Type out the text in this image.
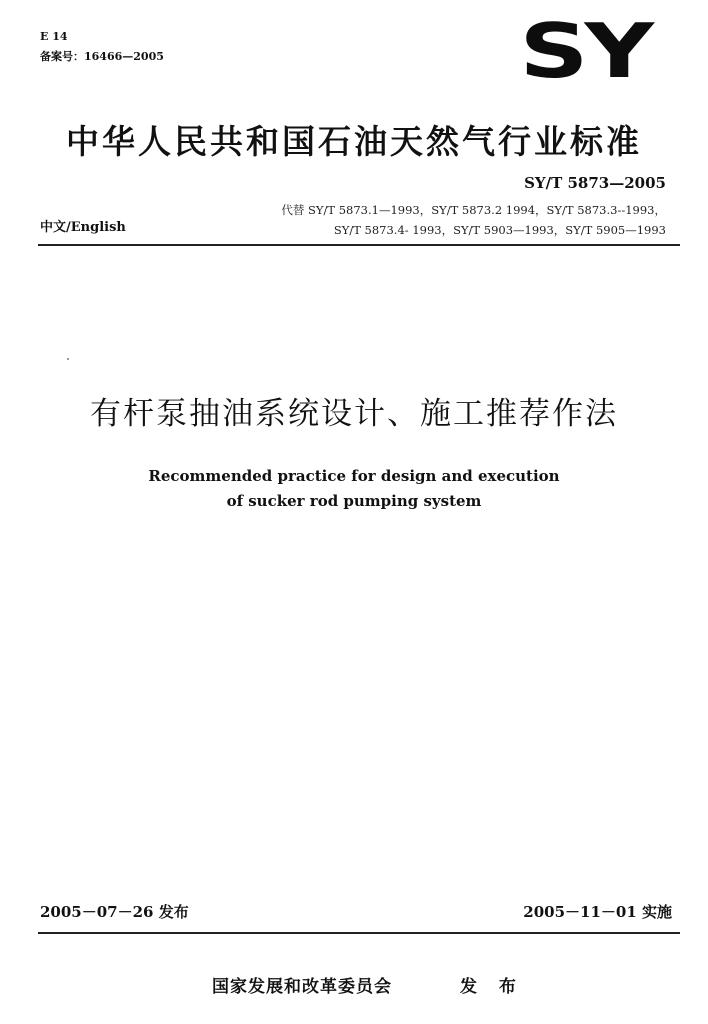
E 14
备案号：16466—2005	SY
中华人民共和国石油天然气行业标准
SY/T 5873—2005
代替 SY/T 5873.1—1993，SY/T 5873.2 1994，SY/T 5873.3--1993，
SY/T 5873.4- 1993，SY/T 5903—1993，SY/T 5905—1993
中文/English
有杆泵抽油系统设计、施工推荐作法
Recommended practice for design and execution
of sucker rod pumping system
2005－07－26 发布	2005－11－01 实施
国家发展和改革委员会	发 布
